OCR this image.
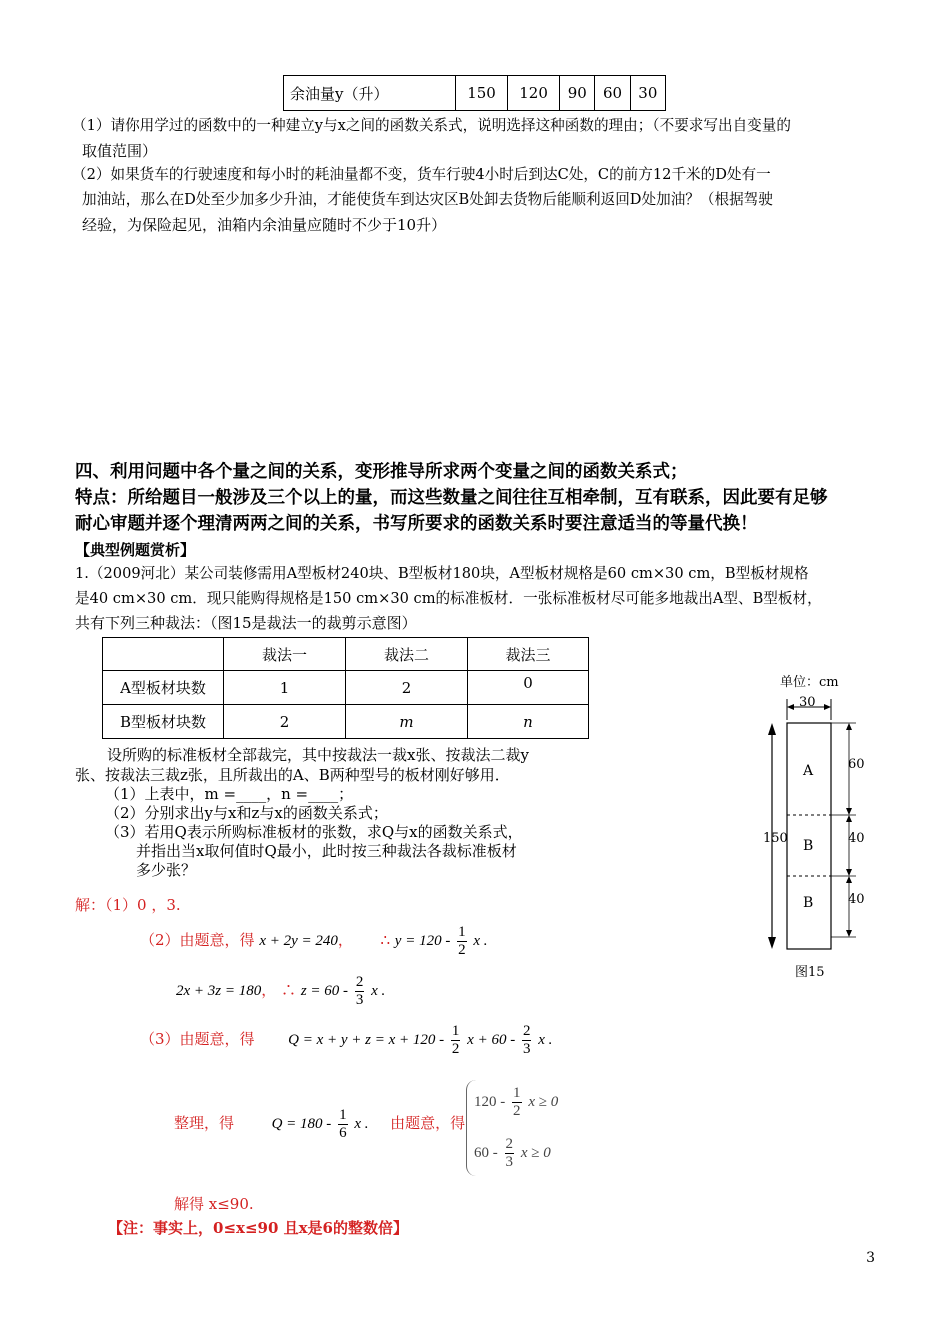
余油量y（升）	150	120	90	60	30
（1）请你用学过的函数中的一种建立y与x之间的函数关系式，说明选择这种函数的理由；（不要求写出自变量的
取值范围）
（2）如果货车的行驶速度和每小时的耗油量都不变，货车行驶4小时后到达C处，C的前方12千米的D处有一
加油站，那么在D处至少加多少升油，才能使货车到达灾区B处卸去货物后能顺利返回D处加油？（根据驾驶
经验，为保险起见，油箱内余油量应随时不少于10升）
四、利用问题中各个量之间的关系，变形推导所求两个变量之间的函数关系式；
特点：所给题目一般涉及三个以上的量，而这些数量之间往往互相牵制，互有联系，因此要有足够
耐心审题并逐个理清两两之间的关系，书写所要求的函数关系时要注意适当的等量代换！
【典型例题赏析】
1.（2009河北）某公司装修需用A型板材240块、B型板材180块，A型板材规格是60 cm×30 cm，B型板材规格
是40 cm×30 cm．现只能购得规格是150 cm×30 cm的标准板材．一张标准板材尽可能多地裁出A型、B型板材，
共有下列三种裁法：（图15是裁法一的裁剪示意图）
	裁法一	裁法二	裁法三
A型板材块数	1	2	0
B型板材块数	2	m	n
设所购的标准板材全部裁完，其中按裁法一裁x张、按裁法二裁y
张、按裁法三裁z张，且所裁出的A、B两种型号的板材刚好够用．
（1）上表中，m =____，n =____；
（2）分别求出y与x和z与x的函数关系式；
（3）若用Q表示所购标准板材的张数，求Q与x的函数关系式，
并指出当x取何值时Q最小，此时按三种裁法各裁标准板材
多少张？
单位：cm
30
150
A
B
B
60
40
40
图15
解：（1）0 ，3.
（2）由题意，得 x + 2y = 240， ∴ $y = 120 - \frac{1}{2}$ x .
2x + 3z = 180， ∴ $z = 60 - \frac{2}{3}$ x .
（3）由题意，得 $Q = x + y + z = x + 120 - \frac{1}{2}$ $x + 60 - \frac{2}{3}$ x .
整理，得	$Q = 180 - \frac{1}{6}$ x . 由题意，得
$120 - \frac{1}{2}$ x ≥ 0
$60 - \frac{2}{3}$ x ≥ 0
解得 x≤90.
【注：事实上，0≤x≤90 且x是6的整数倍】
3
